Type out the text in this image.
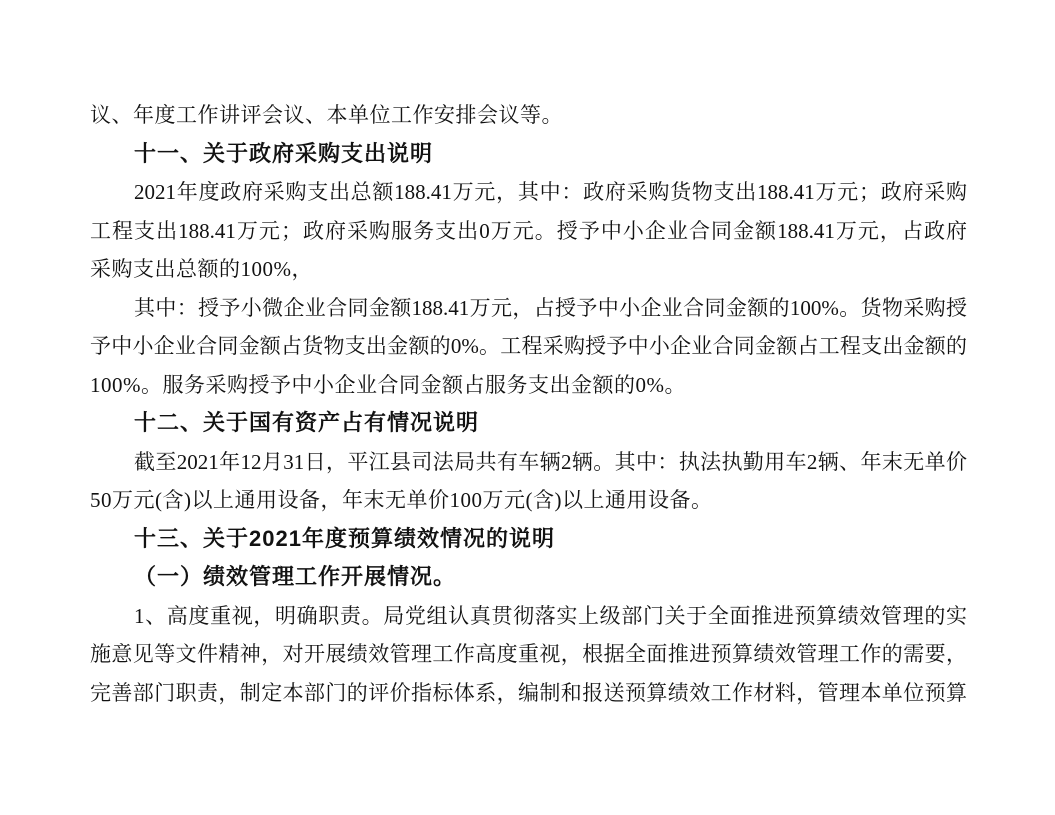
议、年度工作讲评会议、本单位工作安排会议等。
十一、关于政府采购支出说明
2021年度政府采购支出总额188.41万元，其中：政府采购货物支出188.41万元；政府采购
工程支出188.41万元；政府采购服务支出0万元。授予中小企业合同金额188.41万元，占政府
采购支出总额的100%，
其中：授予小微企业合同金额188.41万元，占授予中小企业合同金额的100%。货物采购授
予中小企业合同金额占货物支出金额的0%。工程采购授予中小企业合同金额占工程支出金额的
100%。服务采购授予中小企业合同金额占服务支出金额的0%。
十二、关于国有资产占有情况说明
截至2021年12月31日，平江县司法局共有车辆2辆。其中：执法执勤用车2辆、年末无单价
50万元(含)以上通用设备，年末无单价100万元(含)以上通用设备。
十三、关于2021年度预算绩效情况的说明
（一）绩效管理工作开展情况。
1、高度重视，明确职责。局党组认真贯彻落实上级部门关于全面推进预算绩效管理的实
施意见等文件精神，对开展绩效管理工作高度重视，根据全面推进预算绩效管理工作的需要，
完善部门职责，制定本部门的评价指标体系，编制和报送预算绩效工作材料，管理本单位预算
